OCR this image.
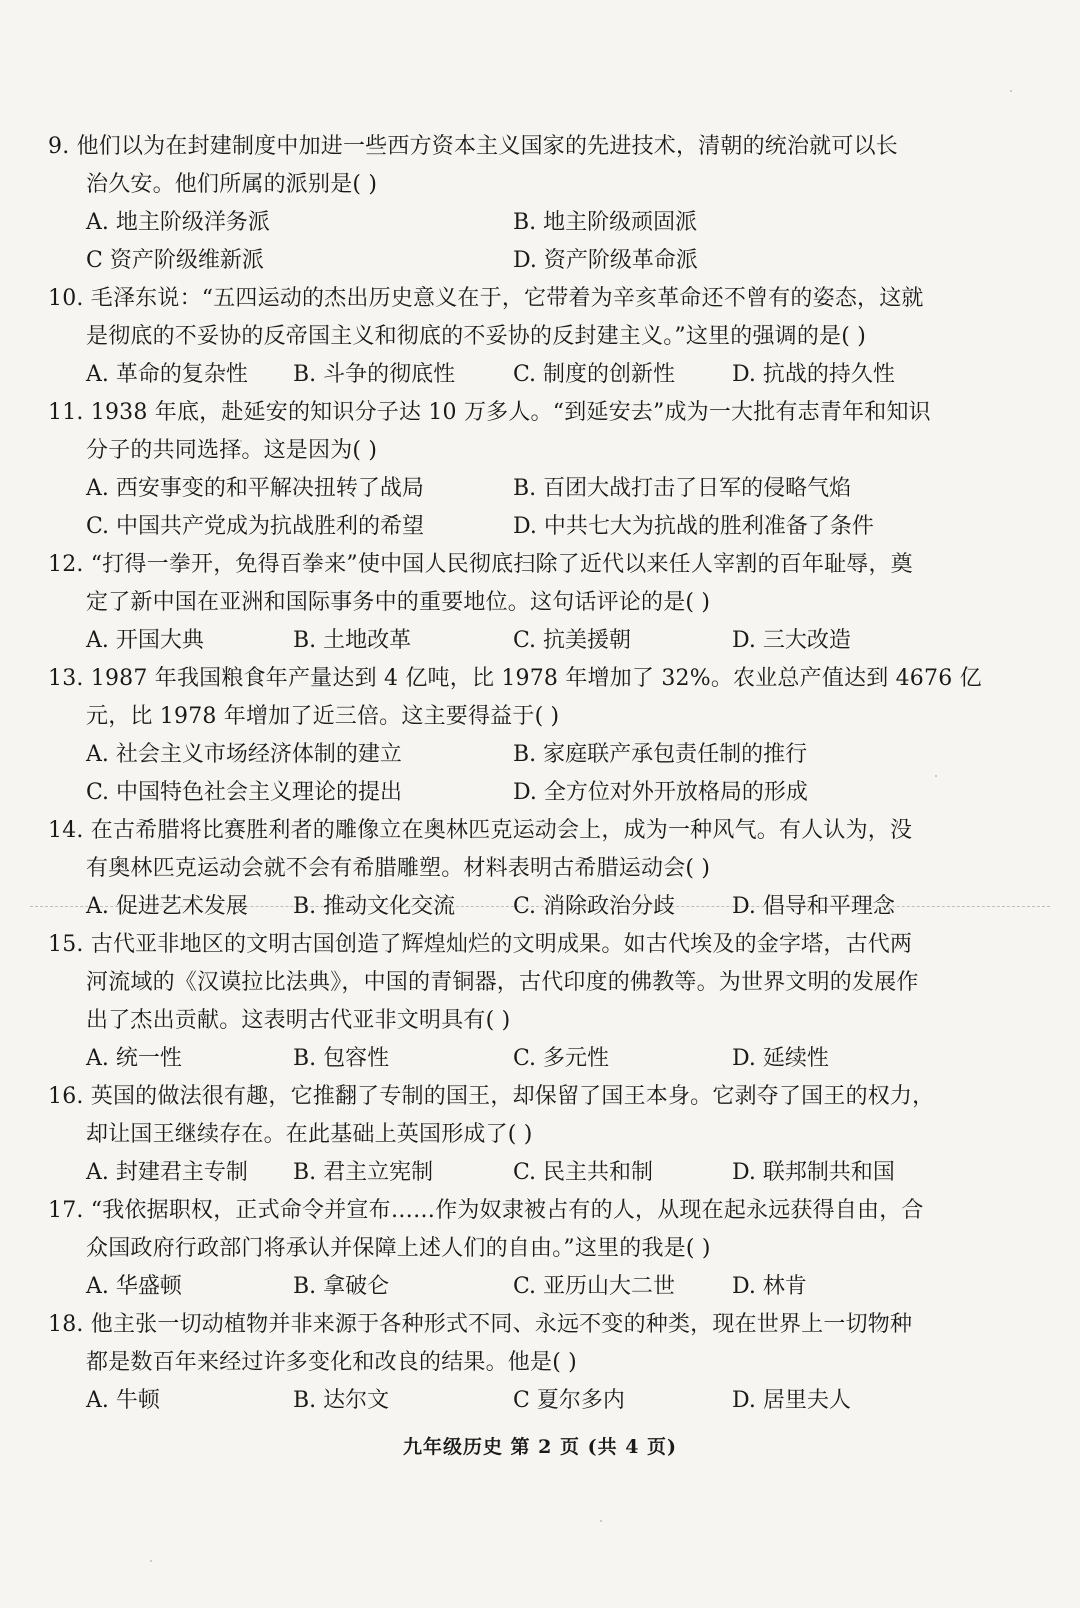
9. 他们以为在封建制度中加进一些西方资本主义国家的先进技术，清朝的统治就可以长
治久安。他们所属的派别是( )
A. 地主阶级洋务派	B. 地主阶级顽固派
C 资产阶级维新派	D. 资产阶级革命派
10. 毛泽东说：“五四运动的杰出历史意义在于，它带着为辛亥革命还不曾有的姿态，这就
是彻底的不妥协的反帝国主义和彻底的不妥协的反封建主义。”这里的强调的是( )
A. 革命的复杂性 B. 斗争的彻底性	C. 制度的创新性	D. 抗战的持久性
11. 1938 年底，赴延安的知识分子达 10 万多人。“到延安去”成为一大批有志青年和知识
分子的共同选择。这是因为( )
A. 西安事变的和平解决扭转了战局	B. 百团大战打击了日军的侵略气焰
C. 中国共产党成为抗战胜利的希望	D. 中共七大为抗战的胜利准备了条件
12. “打得一拳开，免得百拳来”使中国人民彻底扫除了近代以来任人宰割的百年耻辱，奠
定了新中国在亚洲和国际事务中的重要地位。这句话评论的是( )
A. 开国大典	B. 土地改革	C. 抗美援朝	D. 三大改造
13. 1987 年我国粮食年产量达到 4 亿吨，比 1978 年增加了 32%。农业总产值达到 4676 亿
元，比 1978 年增加了近三倍。这主要得益于( )
A. 社会主义市场经济体制的建立	B. 家庭联产承包责任制的推行
C. 中国特色社会主义理论的提出	D. 全方位对外开放格局的形成
14. 在古希腊将比赛胜利者的雕像立在奥林匹克运动会上，成为一种风气。有人认为，没
有奥林匹克运动会就不会有希腊雕塑。材料表明古希腊运动会( )
A. 促进艺术发展 B. 推动文化交流	C. 消除政治分歧	D. 倡导和平理念
15. 古代亚非地区的文明古国创造了辉煌灿烂的文明成果。如古代埃及的金字塔，古代两
河流域的《汉谟拉比法典》，中国的青铜器，古代印度的佛教等。为世界文明的发展作
出了杰出贡献。这表明古代亚非文明具有( )
A. 统一性	B. 包容性	C. 多元性	D. 延续性
16. 英国的做法很有趣，它推翻了专制的国王，却保留了国王本身。它剥夺了国王的权力，
却让国王继续存在。在此基础上英国形成了( )
A. 封建君主专制 B. 君主立宪制	C. 民主共和制	D. 联邦制共和国
17. “我依据职权，正式命令并宣布……作为奴隶被占有的人，从现在起永远获得自由，合
众国政府行政部门将承认并保障上述人们的自由。”这里的我是( )
A. 华盛顿	B. 拿破仑	C. 亚历山大二世	D. 林肯
18. 他主张一切动植物并非来源于各种形式不同、永远不变的种类，现在世界上一切物种
都是数百年来经过许多变化和改良的结果。他是( )
A. 牛顿	B. 达尔文	C 夏尔多内	D. 居里夫人
九年级历史 第 2 页 (共 4 页)
